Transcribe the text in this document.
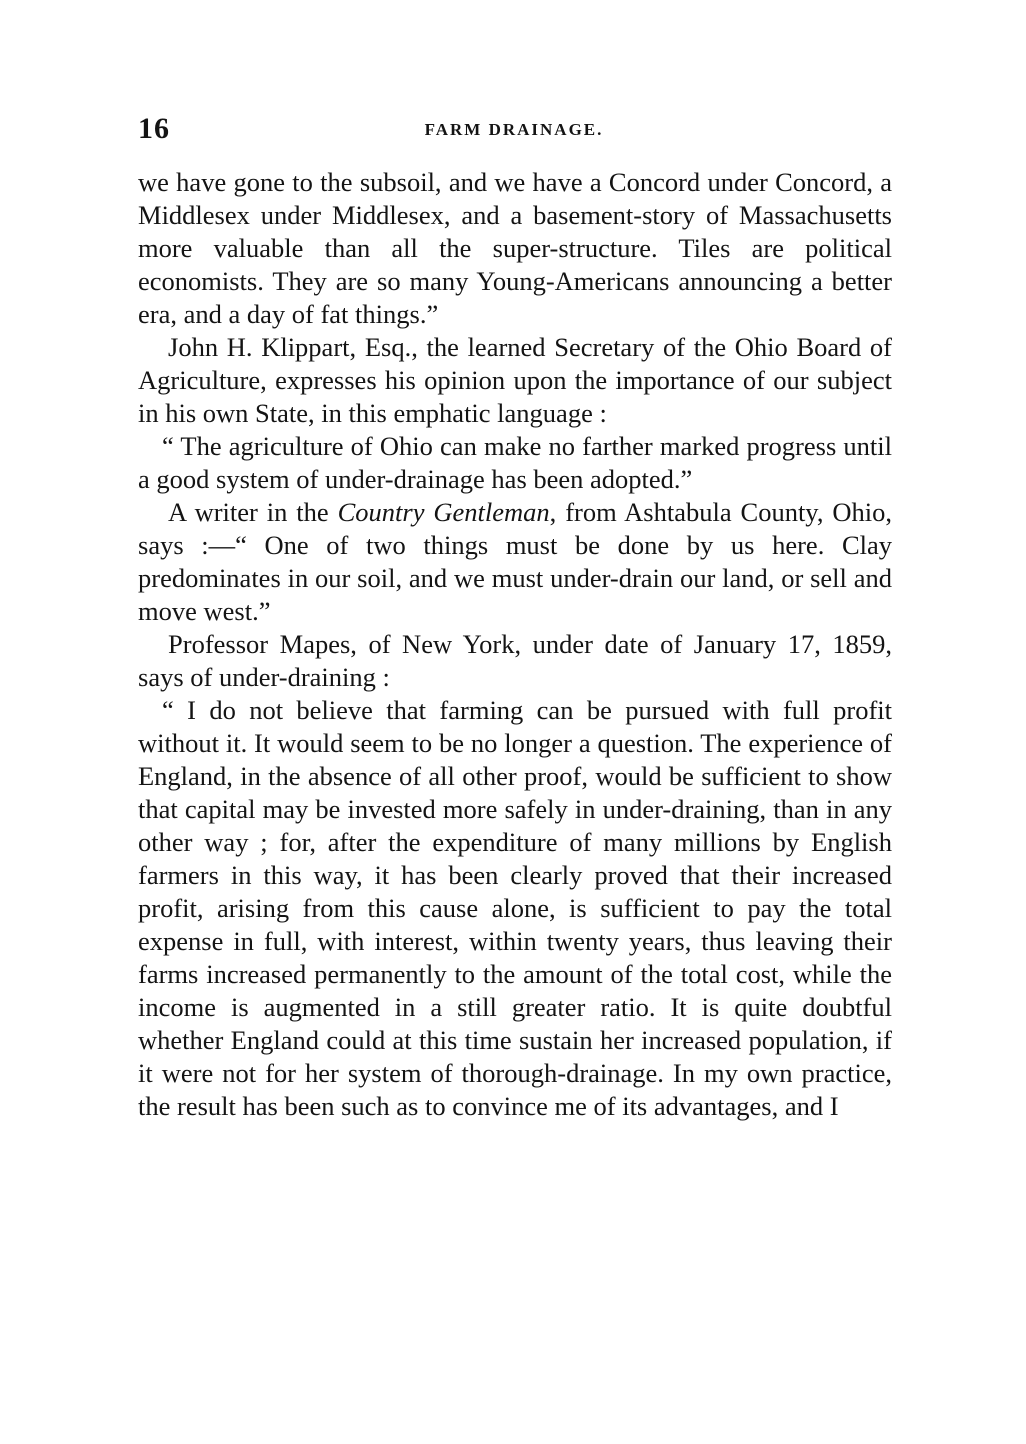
16	FARM DRAINAGE.

we have gone to the subsoil, and we have a Concord under Concord, a Middlesex under Middlesex, and a basement-story of Massachusetts more valuable than all the super-structure. Tiles are political economists. They are so many Young-Americans announcing a better era, and a day of fat things.”

John H. Klippart, Esq., the learned Secretary of the Ohio Board of Agriculture, expresses his opinion upon the importance of our subject in his own State, in this emphatic language :

“ The agriculture of Ohio can make no farther marked progress until a good system of under-drainage has been adopted.”

A writer in the Country Gentleman, from Ashtabula County, Ohio, says :—“ One of two things must be done by us here. Clay predominates in our soil, and we must under-drain our land, or sell and move west.”

Professor Mapes, of New York, under date of January 17, 1859, says of under-draining :

“ I do not believe that farming can be pursued with full profit without it. It would seem to be no longer a question. The experience of England, in the absence of all other proof, would be sufficient to show that capital may be invested more safely in under-draining, than in any other way ; for, after the expenditure of many millions by English farmers in this way, it has been clearly proved that their increased profit, arising from this cause alone, is sufficient to pay the total expense in full, with interest, within twenty years, thus leaving their farms increased permanently to the amount of the total cost, while the income is augmented in a still greater ratio. It is quite doubtful whether England could at this time sustain her increased population, if it were not for her system of thorough-drainage. In my own practice, the result has been such as to convince me of its advantages, and I
